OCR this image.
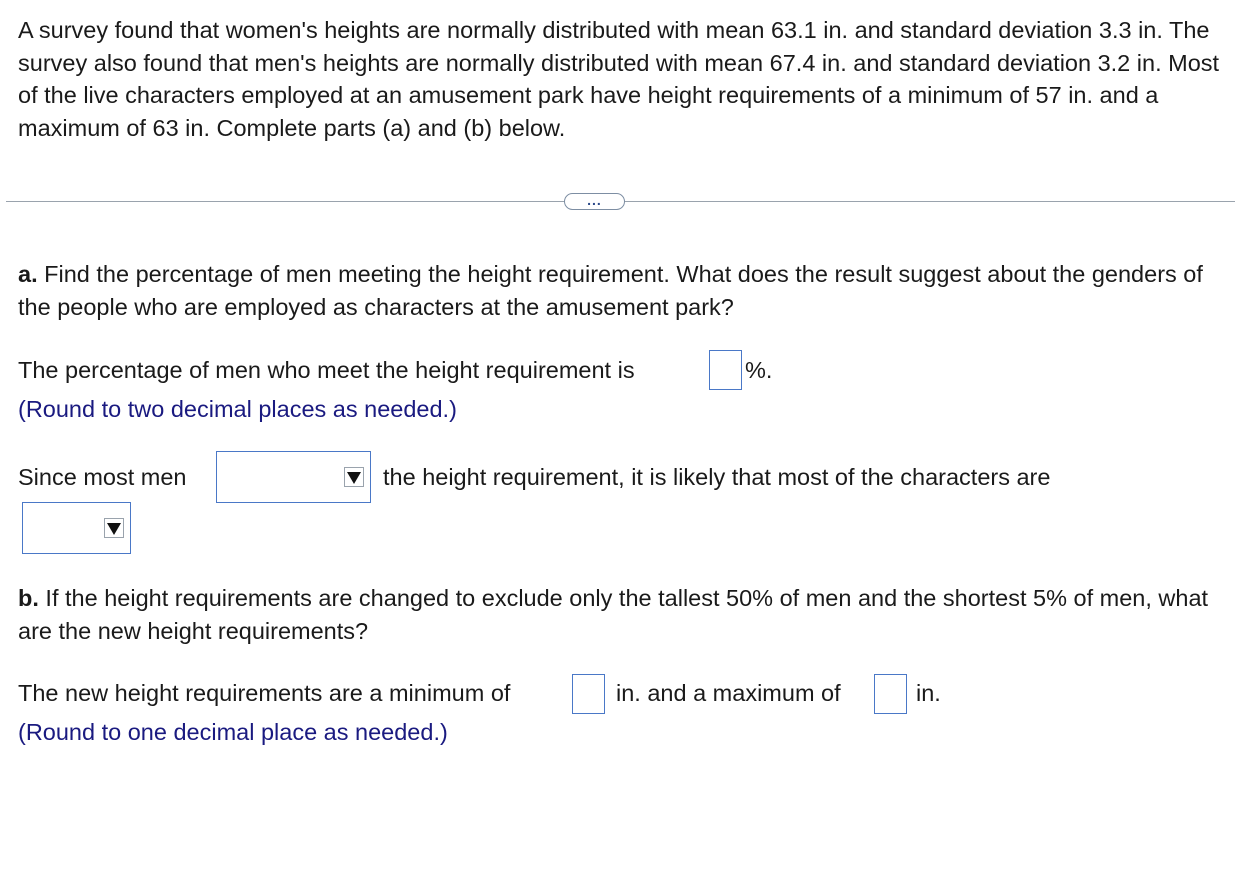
A survey found that women's heights are normally distributed with mean 63.1 in. and standard deviation 3.3 in. The survey also found that men's heights are normally distributed with mean 67.4 in. and standard deviation 3.2 in. Most of the live characters employed at an amusement park have height requirements of a minimum of 57 in. and a maximum of 63 in. Complete parts (a) and (b) below.

...

a. Find the percentage of men meeting the height requirement. What does the result suggest about the genders of the people who are employed as characters at the amusement park?

The percentage of men who meet the height requirement is	%.

(Round to two decimal places as needed.)

Since most men	the height requirement, it is likely that most of the characters are

b. If the height requirements are changed to exclude only the tallest 50% of men and the shortest 5% of men, what are the new height requirements?

The new height requirements are a minimum of	in. and a maximum of	in.

(Round to one decimal place as needed.)
